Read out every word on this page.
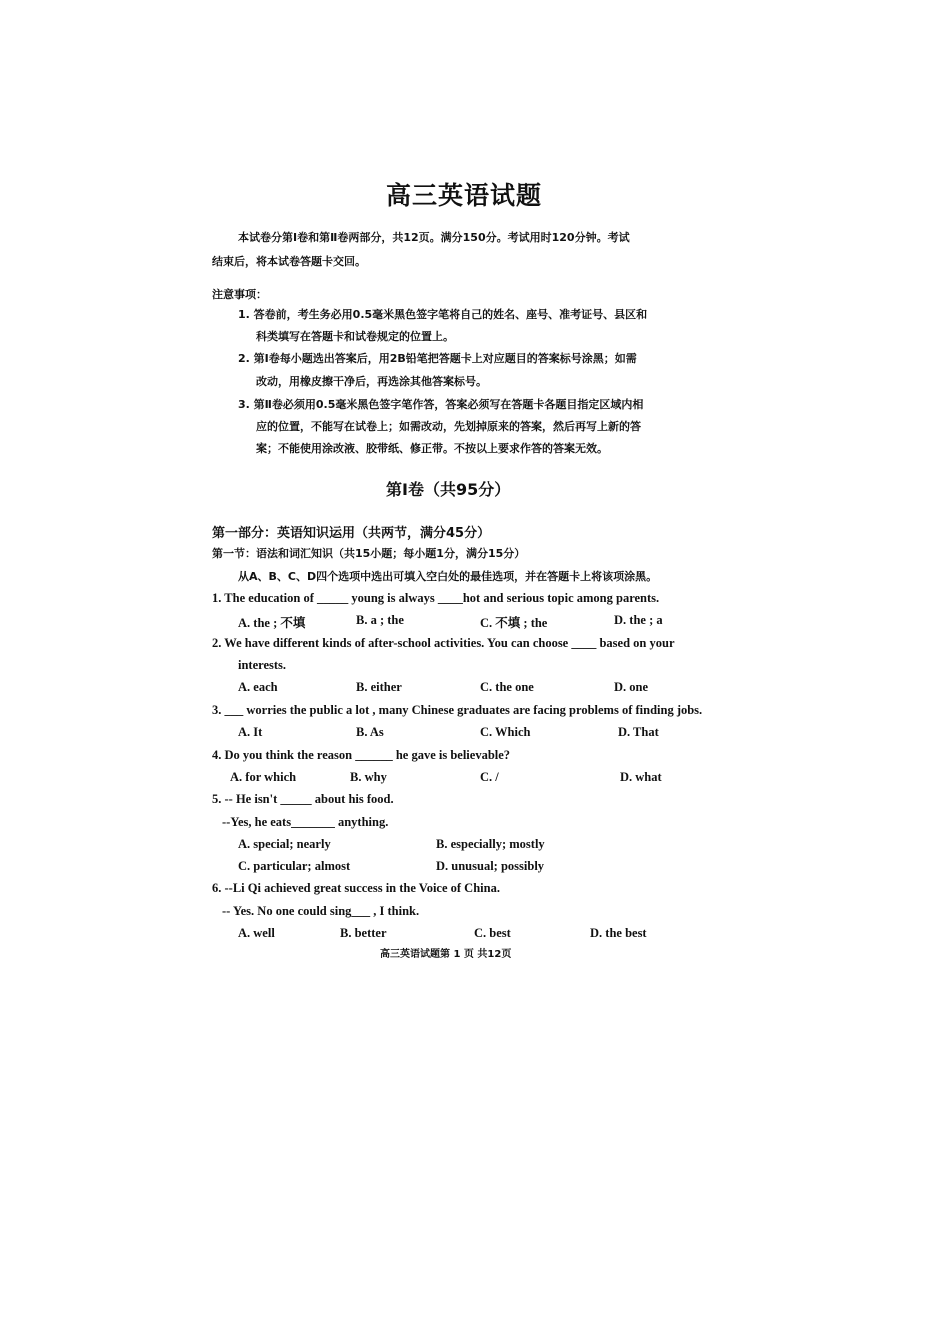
高三英语试题
本试卷分第Ⅰ卷和第Ⅱ卷两部分，共12页。满分150分。考试用时120分钟。考试
结束后，将本试卷答题卡交回。
注意事项：
1. 答卷前，考生务必用0.5毫米黑色签字笔将自己的姓名、座号、准考证号、县区和
科类填写在答题卡和试卷规定的位置上。
2. 第Ⅰ卷每小题选出答案后，用2B铅笔把答题卡上对应题目的答案标号涂黑；如需
改动，用橡皮擦干净后，再选涂其他答案标号。
3. 第Ⅱ卷必须用0.5毫米黑色签字笔作答，答案必须写在答题卡各题目指定区域内相
应的位置，不能写在试卷上；如需改动，先划掉原来的答案，然后再写上新的答
案；不能使用涂改液、胶带纸、修正带。不按以上要求作答的答案无效。
第Ⅰ卷（共95分）
第一部分：英语知识运用（共两节，满分45分）
第一节：语法和词汇知识（共15小题；每小题1分，满分15分）
从A、B、C、D四个选项中选出可填入空白处的最佳选项，并在答题卡上将该项涂黑。
1. The education of _____ young is always ____hot and serious topic among parents.
A. the ; 不填	B. a ; the	C. 不填 ; the	D. the ; a
2. We have different kinds of after-school activities. You can choose ____ based on your
interests.
A. each	B. either	C. the one	D. one
3. ___ worries the public a lot , many Chinese graduates are facing problems of finding jobs.
A. It	B. As	C. Which	D. That
4. Do you think the reason ______ he gave is believable?
A. for which	B. why	C. /	D. what
5. -- He isn't _____ about his food.
--Yes, he eats_______ anything.
A. special; nearly	B. especially; mostly
C. particular; almost	D. unusual; possibly
6. --Li Qi achieved great success in the Voice of China.
-- Yes. No one could sing___ , I think.
A. well	B. better	C. best	D. the best
高三英语试题第 1 页 共12页
